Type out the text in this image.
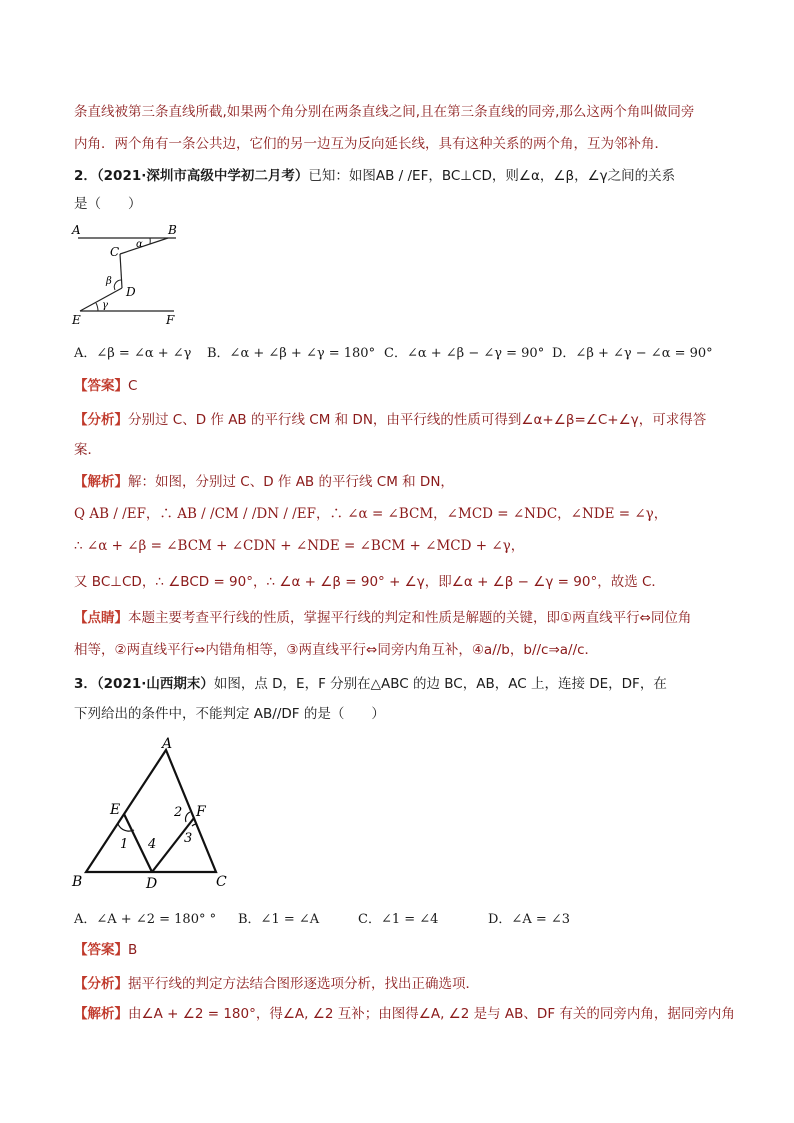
条直线被第三条直线所截,如果两个角分别在两条直线之间,且在第三条直线的同旁,那么这两个角叫做同旁
内角．两个角有一条公共边，它们的另一边互为反向延长线，具有这种关系的两个角，互为邻补角．
2．（2021·深圳市高级中学初二月考）已知：如图AB / /EF，BC⊥CD，则∠α，∠β，∠γ之间的关系
是（　　）
A	B
C
D
E	F
α
β
γ
A．∠β = ∠α + ∠γ B．∠α + ∠β + ∠γ = 180° C．∠α + ∠β − ∠γ = 90° D．∠β + ∠γ − ∠α = 90°
【答案】C
【分析】分别过 C、D 作 AB 的平行线 CM 和 DN，由平行线的性质可得到∠α+∠β=∠C+∠γ，可求得答
案．
【解析】解：如图，分别过 C、D 作 AB 的平行线 CM 和 DN，
Q AB / /EF，∴ AB / /CM / /DN / /EF，∴ ∠α = ∠BCM，∠MCD = ∠NDC，∠NDE = ∠γ，
∴ ∠α + ∠β = ∠BCM + ∠CDN + ∠NDE = ∠BCM + ∠MCD + ∠γ，
又 BC⊥CD，∴ ∠BCD = 90°，∴ ∠α + ∠β = 90° + ∠γ，即∠α + ∠β − ∠γ = 90°，故选 C．
【点睛】本题主要考查平行线的性质，掌握平行线的判定和性质是解题的关键，即①两直线平行⇔同位角
相等，②两直线平行⇔内错角相等，③两直线平行⇔同旁内角互补，④a//b，b//c⇒a//c．
3．（2021·山西期末）如图，点 D，E，F 分别在△ABC 的边 BC，AB，AC 上，连接 DE，DF，在
下列给出的条件中，不能判定 AB//DF 的是（　　）
A
B	C
D
E	F
1
2
3
4
A．∠A + ∠2 = 180° ° B．∠1 = ∠A	C．∠1 = ∠4	D．∠A = ∠3
【答案】B
【分析】据平行线的判定方法结合图形逐选项分析，找出正确选项．
【解析】由∠A + ∠2 = 180°，得∠A, ∠2 互补；由图得∠A, ∠2 是与 AB、DF 有关的同旁内角，据同旁内角
